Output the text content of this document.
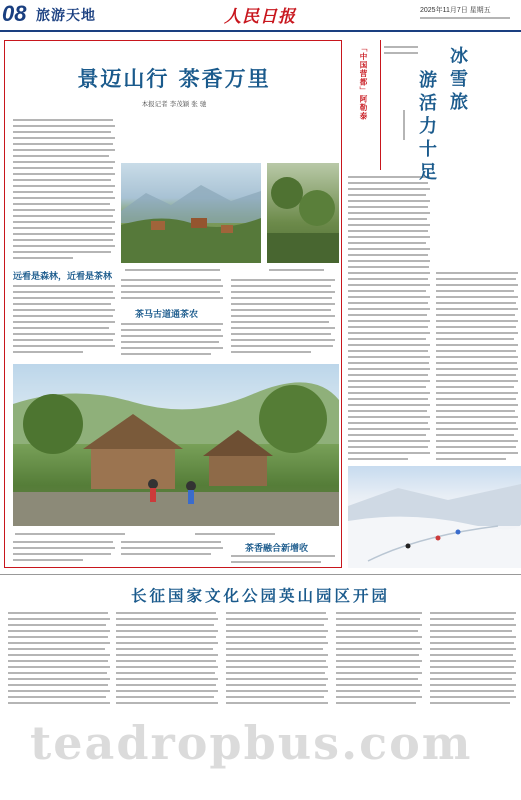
08 旅游天地	人民日报	2025年11月7日 星期五
景迈山行 茶香万里
本报记者 李茂颖 张 驰
远看是森林，近看是茶林
茶马古道通茶农
茶香融合新增收
「中国营都」阿勒泰	冰雪旅
游活力十足
长征国家文化公园英山园区开园
teadropbus.com
